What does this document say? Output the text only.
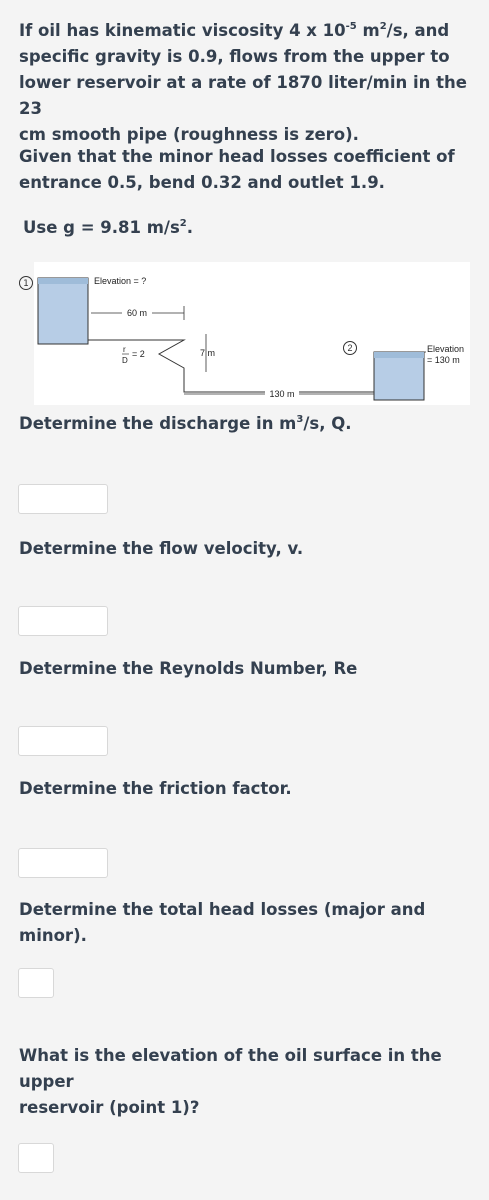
If oil has kinematic viscosity 4 x $10^{-5}$ $m^2/s$, and
specific gravity is 0.9, flows from the upper to
lower reservoir at a rate of 1870 liter/min in the 23
cm smooth pipe (roughness is zero).
Given that the minor head losses coefficient of
entrance 0.5, bend 0.32 and outlet 1.9.
Use g = 9.81 $m/s^2$.
1	Elevation = ?
60 m
r
D
= 2	7 m
130 m
2	Elevation
= 130 m
Determine the discharge in $m^3/s$, Q.
Determine the flow velocity, v.
Determine the Reynolds Number, Re
Determine the friction factor.
Determine the total head losses (major and
minor).
What is the elevation of the oil surface in the upper
reservoir (point 1)?
